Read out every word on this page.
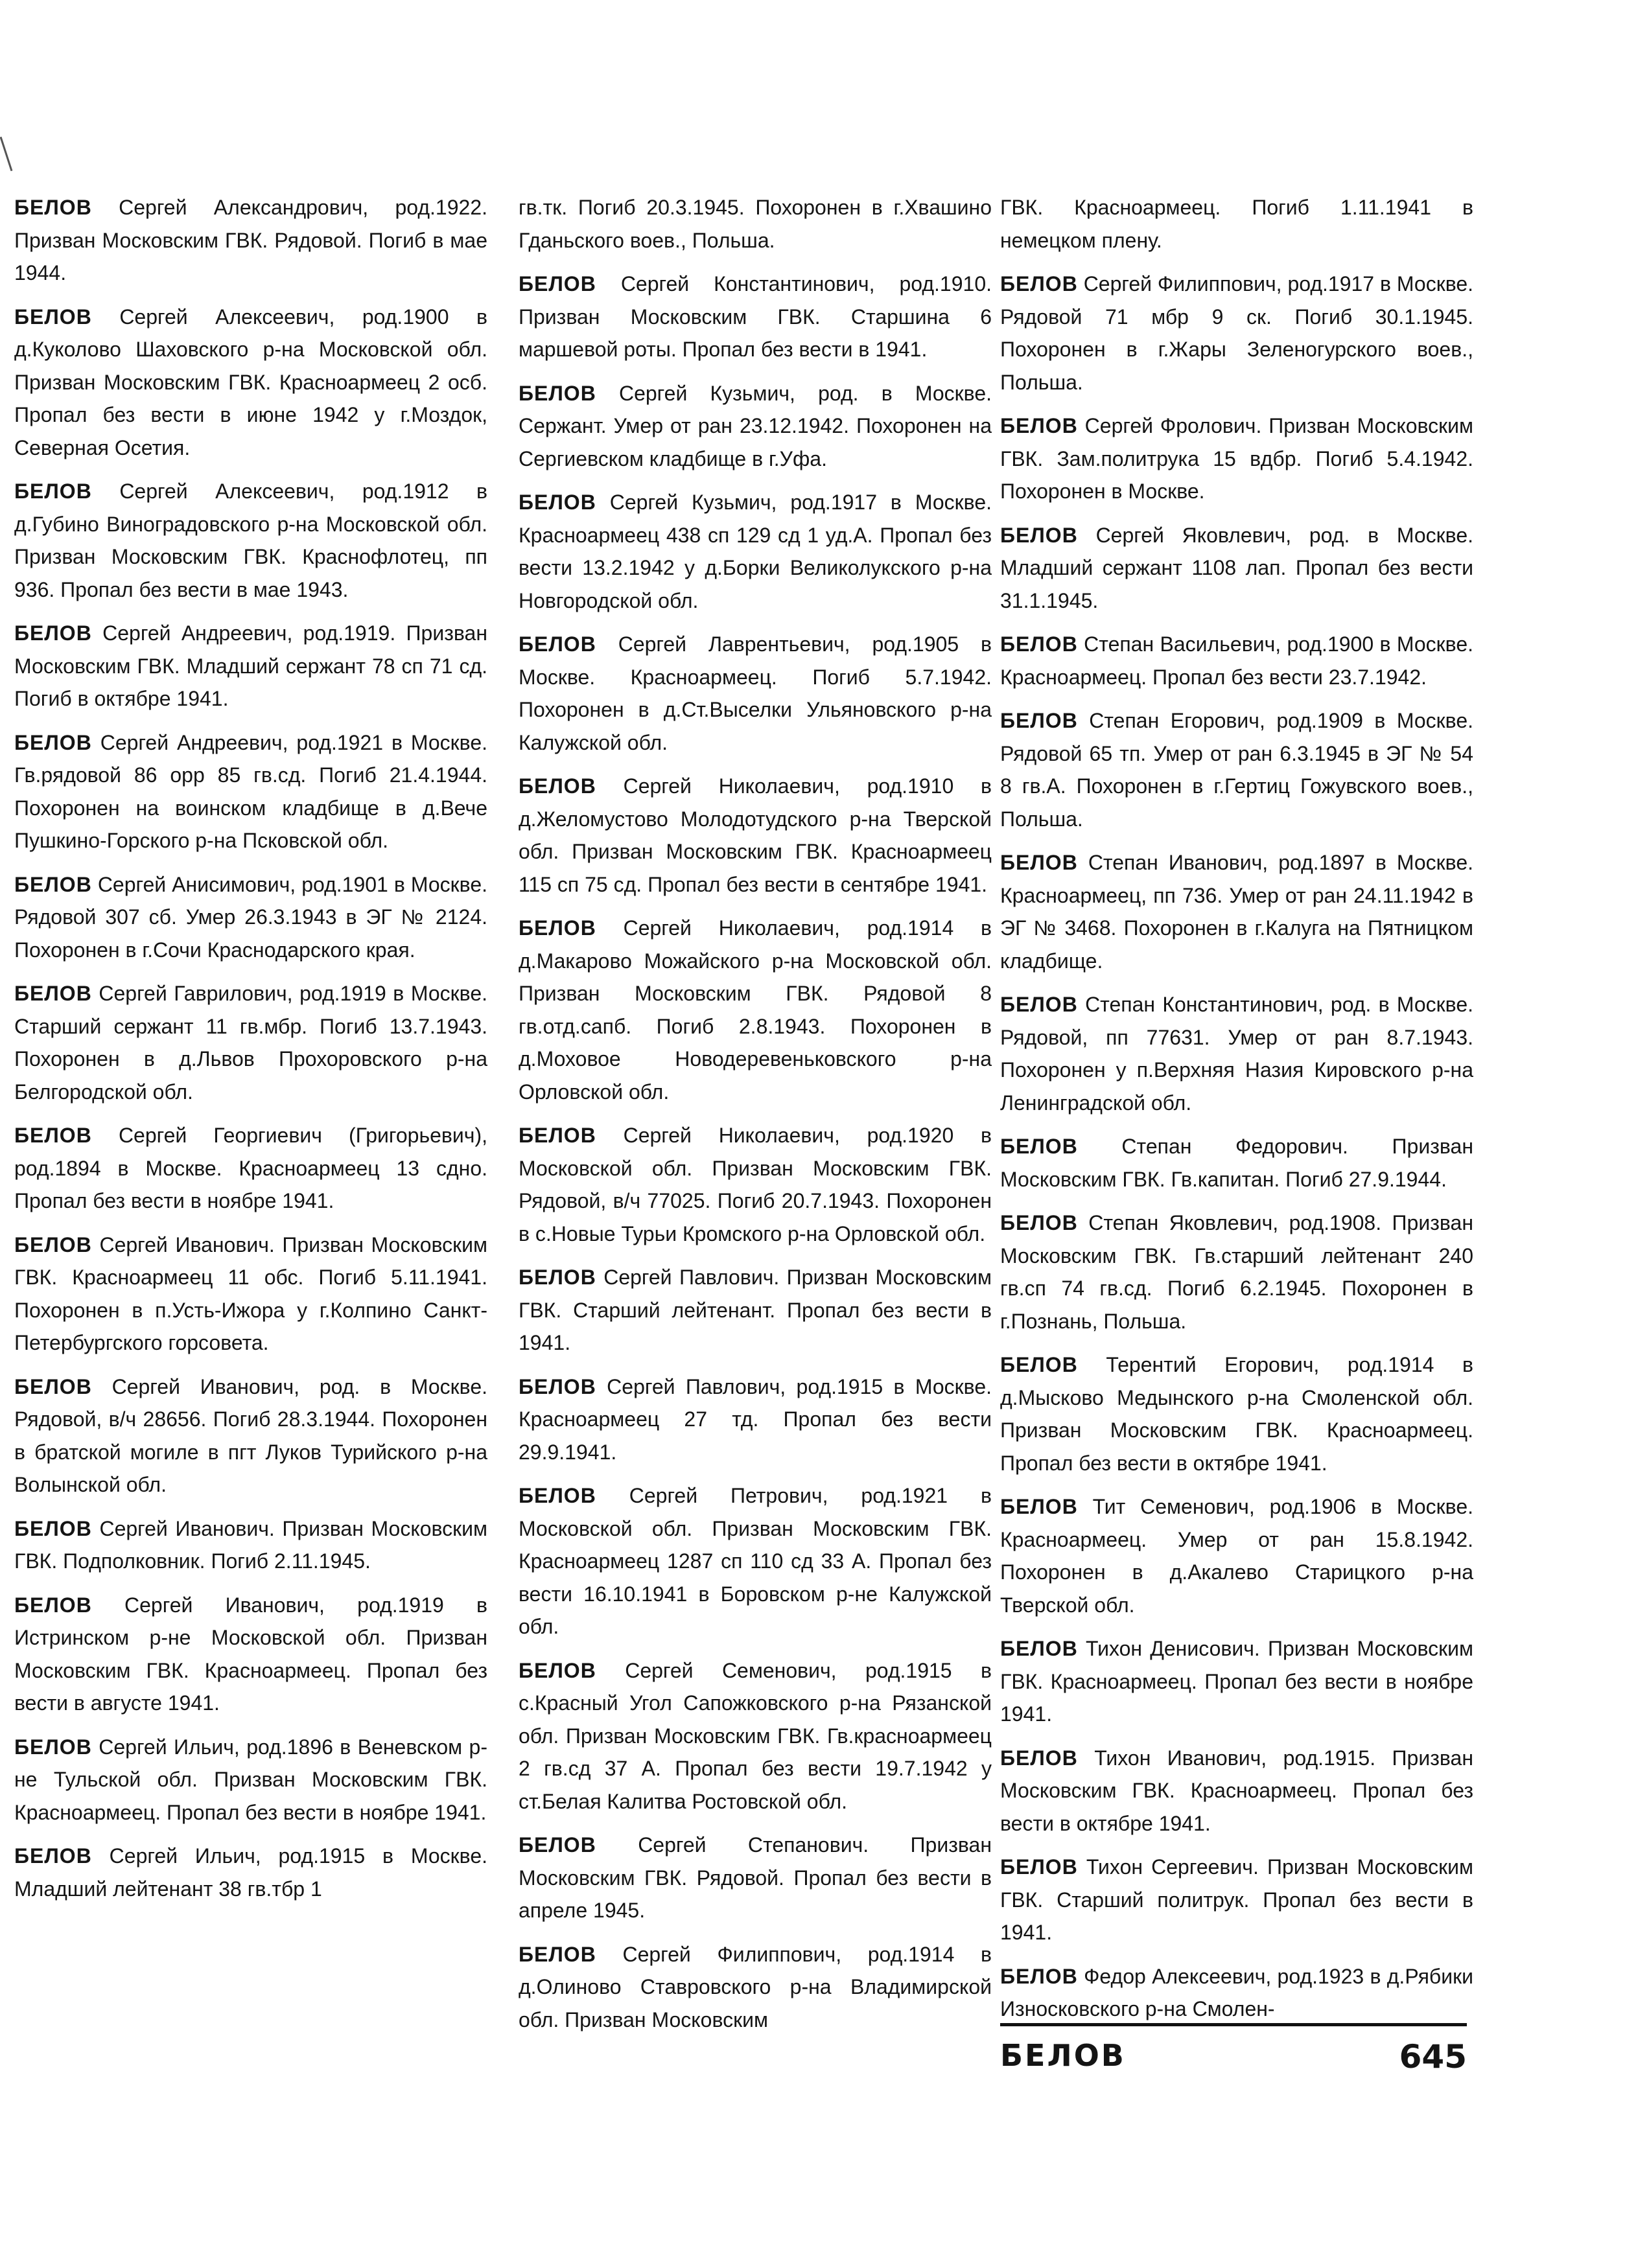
БЕЛОВ Сергей Александрович, род.1922. Призван Московским ГВК. Рядовой. Погиб в мае 1944.

БЕЛОВ Сергей Алексеевич, род.1900 в д.Куколово Шаховского р-на Московской обл. Призван Московским ГВК. Красноармеец 2 осб. Пропал без вести в июне 1942 у г.Моздок, Северная Осетия.

БЕЛОВ Сергей Алексеевич, род.1912 в д.Губино Виноградовского р-на Московской обл. Призван Московским ГВК. Краснофлотец, пп 936. Пропал без вести в мае 1943.

БЕЛОВ Сергей Андреевич, род.1919. Призван Московским ГВК. Младший сержант 78 сп 71 сд. Погиб в октябре 1941.

БЕЛОВ Сергей Андреевич, род.1921 в Москве. Гв.рядовой 86 орр 85 гв.сд. Погиб 21.4.1944. Похоронен на воинском кладбище в д.Вече Пушкино-Горского р-на Псковской обл.

БЕЛОВ Сергей Анисимович, род.1901 в Москве. Рядовой 307 сб. Умер 26.3.1943 в ЭГ № 2124. Похоронен в г.Сочи Краснодарского края.

БЕЛОВ Сергей Гаврилович, род.1919 в Москве. Старший сержант 11 гв.мбр. Погиб 13.7.1943. Похоронен в д.Львов Прохоровского р-на Белгородской обл.

БЕЛОВ Сергей Георгиевич (Григорьевич), род.1894 в Москве. Красноармеец 13 сдно. Пропал без вести в ноябре 1941.

БЕЛОВ Сергей Иванович. Призван Московским ГВК. Красноармеец 11 обс. Погиб 5.11.1941. Похоронен в п.Усть-Ижора у г.Колпино Санкт-Петербургского горсовета.

БЕЛОВ Сергей Иванович, род. в Москве. Рядовой, в/ч 28656. Погиб 28.3.1944. Похоронен в братской могиле в пгт Луков Турийского р-на Волынской обл.

БЕЛОВ Сергей Иванович. Призван Московским ГВК. Подполковник. Погиб 2.11.1945.

БЕЛОВ Сергей Иванович, род.1919 в Истринском р-не Московской обл. Призван Московским ГВК. Красноармеец. Пропал без вести в августе 1941.

БЕЛОВ Сергей Ильич, род.1896 в Веневском р-не Тульской обл. Призван Московским ГВК. Красноармеец. Пропал без вести в ноябре 1941.

БЕЛОВ Сергей Ильич, род.1915 в Москве. Младший лейтенант 38 гв.тбр 1

гв.тк. Погиб 20.3.1945. Похоронен в г.Хвашино Гданьского воев., Польша.

БЕЛОВ Сергей Константинович, род.1910. Призван Московским ГВК. Старшина 6 маршевой роты. Пропал без вести в 1941.

БЕЛОВ Сергей Кузьмич, род. в Москве. Сержант. Умер от ран 23.12.1942. Похоронен на Сергиевском кладбище в г.Уфа.

БЕЛОВ Сергей Кузьмич, род.1917 в Москве. Красноармеец 438 сп 129 сд 1 уд.А. Пропал без вести 13.2.1942 у д.Борки Великолукского р-на Новгородской обл.

БЕЛОВ Сергей Лаврентьевич, род.1905 в Москве. Красноармеец. Погиб 5.7.1942. Похоронен в д.Ст.Выселки Ульяновского р-на Калужской обл.

БЕЛОВ Сергей Николаевич, род.1910 в д.Желомустово Молодотудского р-на Тверской обл. Призван Московским ГВК. Красноармеец 115 сп 75 сд. Пропал без вести в сентябре 1941.

БЕЛОВ Сергей Николаевич, род.1914 в д.Макарово Можайского р-на Московской обл. Призван Московским ГВК. Рядовой 8 гв.отд.сапб. Погиб 2.8.1943. Похоронен в д.Моховое Новодеревеньковского р-на Орловской обл.

БЕЛОВ Сергей Николаевич, род.1920 в Московской обл. Призван Московским ГВК. Рядовой, в/ч 77025. Погиб 20.7.1943. Похоронен в с.Новые Турьи Кромского р-на Орловской обл.

БЕЛОВ Сергей Павлович. Призван Московским ГВК. Старший лейтенант. Пропал без вести в 1941.

БЕЛОВ Сергей Павлович, род.1915 в Москве. Красноармеец 27 тд. Пропал без вести 29.9.1941.

БЕЛОВ Сергей Петрович, род.1921 в Московской обл. Призван Московским ГВК. Красноармеец 1287 сп 110 сд 33 А. Пропал без вести 16.10.1941 в Боровском р-не Калужской обл.

БЕЛОВ Сергей Семенович, род.1915 в с.Красный Угол Сапожковского р-на Рязанской обл. Призван Московским ГВК. Гв.красноармеец 2 гв.сд 37 А. Пропал без вести 19.7.1942 у ст.Белая Калитва Ростовской обл.

БЕЛОВ Сергей Степанович. Призван Московским ГВК. Рядовой. Пропал без вести в апреле 1945.

БЕЛОВ Сергей Филиппович, род.1914 в д.Олиново Ставровского р-на Владимирской обл. Призван Московским

ГВК. Красноармеец. Погиб 1.11.1941 в немецком плену.

БЕЛОВ Сергей Филиппович, род.1917 в Москве. Рядовой 71 мбр 9 ск. Погиб 30.1.1945. Похоронен в г.Жары Зеленогурского воев., Польша.

БЕЛОВ Сергей Фролович. Призван Московским ГВК. Зам.политрука 15 вдбр. Погиб 5.4.1942. Похоронен в Москве.

БЕЛОВ Сергей Яковлевич, род. в Москве. Младший сержант 1108 лап. Пропал без вести 31.1.1945.

БЕЛОВ Степан Васильевич, род.1900 в Москве. Красноармеец. Пропал без вести 23.7.1942.

БЕЛОВ Степан Егорович, род.1909 в Москве. Рядовой 65 тп. Умер от ран 6.3.1945 в ЭГ № 54 8 гв.А. Похоронен в г.Гертиц Гожувского воев., Польша.

БЕЛОВ Степан Иванович, род.1897 в Москве. Красноармеец, пп 736. Умер от ран 24.11.1942 в ЭГ № 3468. Похоронен в г.Калуга на Пятницком кладбище.

БЕЛОВ Степан Константинович, род. в Москве. Рядовой, пп 77631. Умер от ран 8.7.1943. Похоронен у п.Верхняя Назия Кировского р-на Ленинградской обл.

БЕЛОВ Степан Федорович. Призван Московским ГВК. Гв.капитан. Погиб 27.9.1944.

БЕЛОВ Степан Яковлевич, род.1908. Призван Московским ГВК. Гв.старший лейтенант 240 гв.сп 74 гв.сд. Погиб 6.2.1945. Похоронен в г.Познань, Польша.

БЕЛОВ Терентий Егорович, род.1914 в д.Мысково Медынского р-на Смоленской обл. Призван Московским ГВК. Красноармеец. Пропал без вести в октябре 1941.

БЕЛОВ Тит Семенович, род.1906 в Москве. Красноармеец. Умер от ран 15.8.1942. Похоронен в д.Акалево Старицкого р-на Тверской обл.

БЕЛОВ Тихон Денисович. Призван Московским ГВК. Красноармеец. Пропал без вести в ноябре 1941.

БЕЛОВ Тихон Иванович, род.1915. Призван Московским ГВК. Красноармеец. Пропал без вести в октябре 1941.

БЕЛОВ Тихон Сергеевич. Призван Московским ГВК. Старший политрук. Пропал без вести в 1941.

БЕЛОВ Федор Алексеевич, род.1923 в д.Рябики Износковского р-на Смолен-

БЕЛОВ	645
